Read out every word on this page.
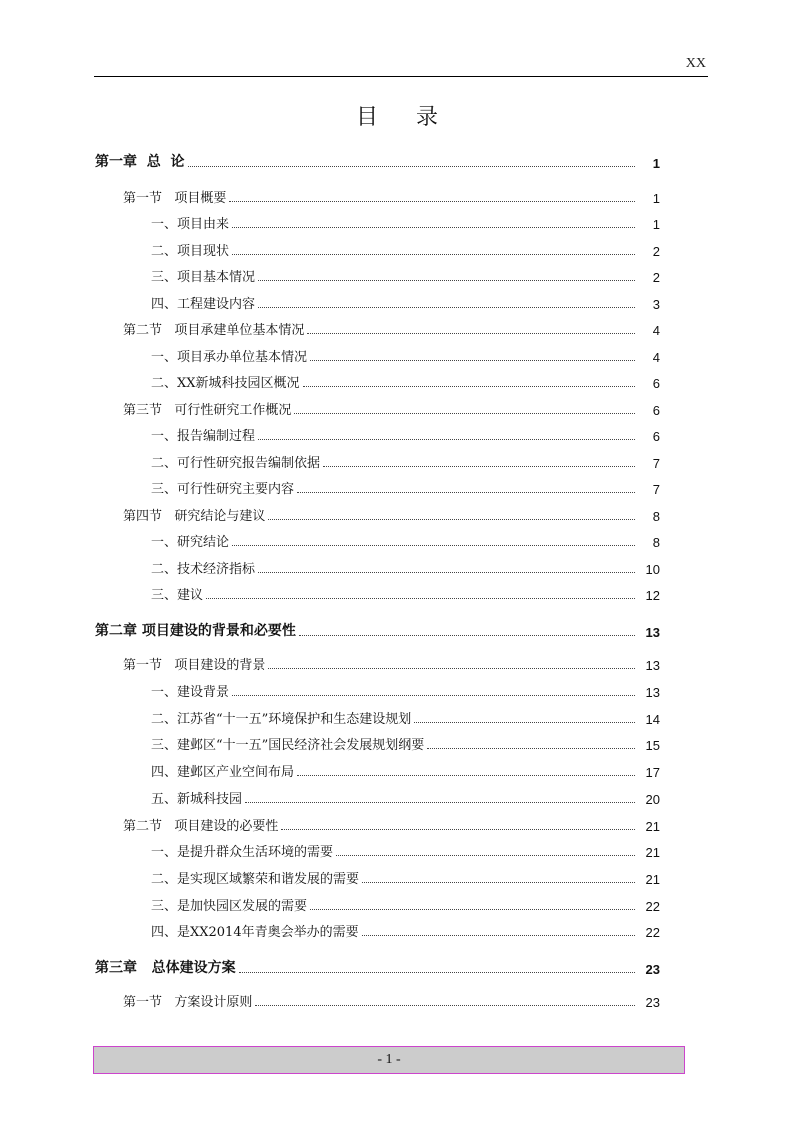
XX
目录
第一章  总  论	1
第一节   项目概要	1
一、项目由来	1
二、项目现状	2
三、项目基本情况	2
四、工程建设内容	3
第二节   项目承建单位基本情况	4
一、项目承办单位基本情况	4
二、XX新城科技园区概况	6
第三节   可行性研究工作概况	6
一、报告编制过程	6
二、可行性研究报告编制依据	7
三、可行性研究主要内容	7
第四节   研究结论与建议	8
一、研究结论	8
二、技术经济指标	10
三、建议	12
第二章 项目建设的背景和必要性	13
第一节   项目建设的背景	13
一、建设背景	13
二、江苏省“十一五”环境保护和生态建设规划	14
三、建邺区“十一五”国民经济社会发展规划纲要	15
四、建邺区产业空间布局	17
五、新城科技园	20
第二节   项目建设的必要性	21
一、是提升群众生活环境的需要	21
二、是实现区域繁荣和谐发展的需要	21
三、是加快园区发展的需要	22
四、是XX2014年青奥会举办的需要	22
第三章   总体建设方案	23
第一节   方案设计原则	23
- 1 -
